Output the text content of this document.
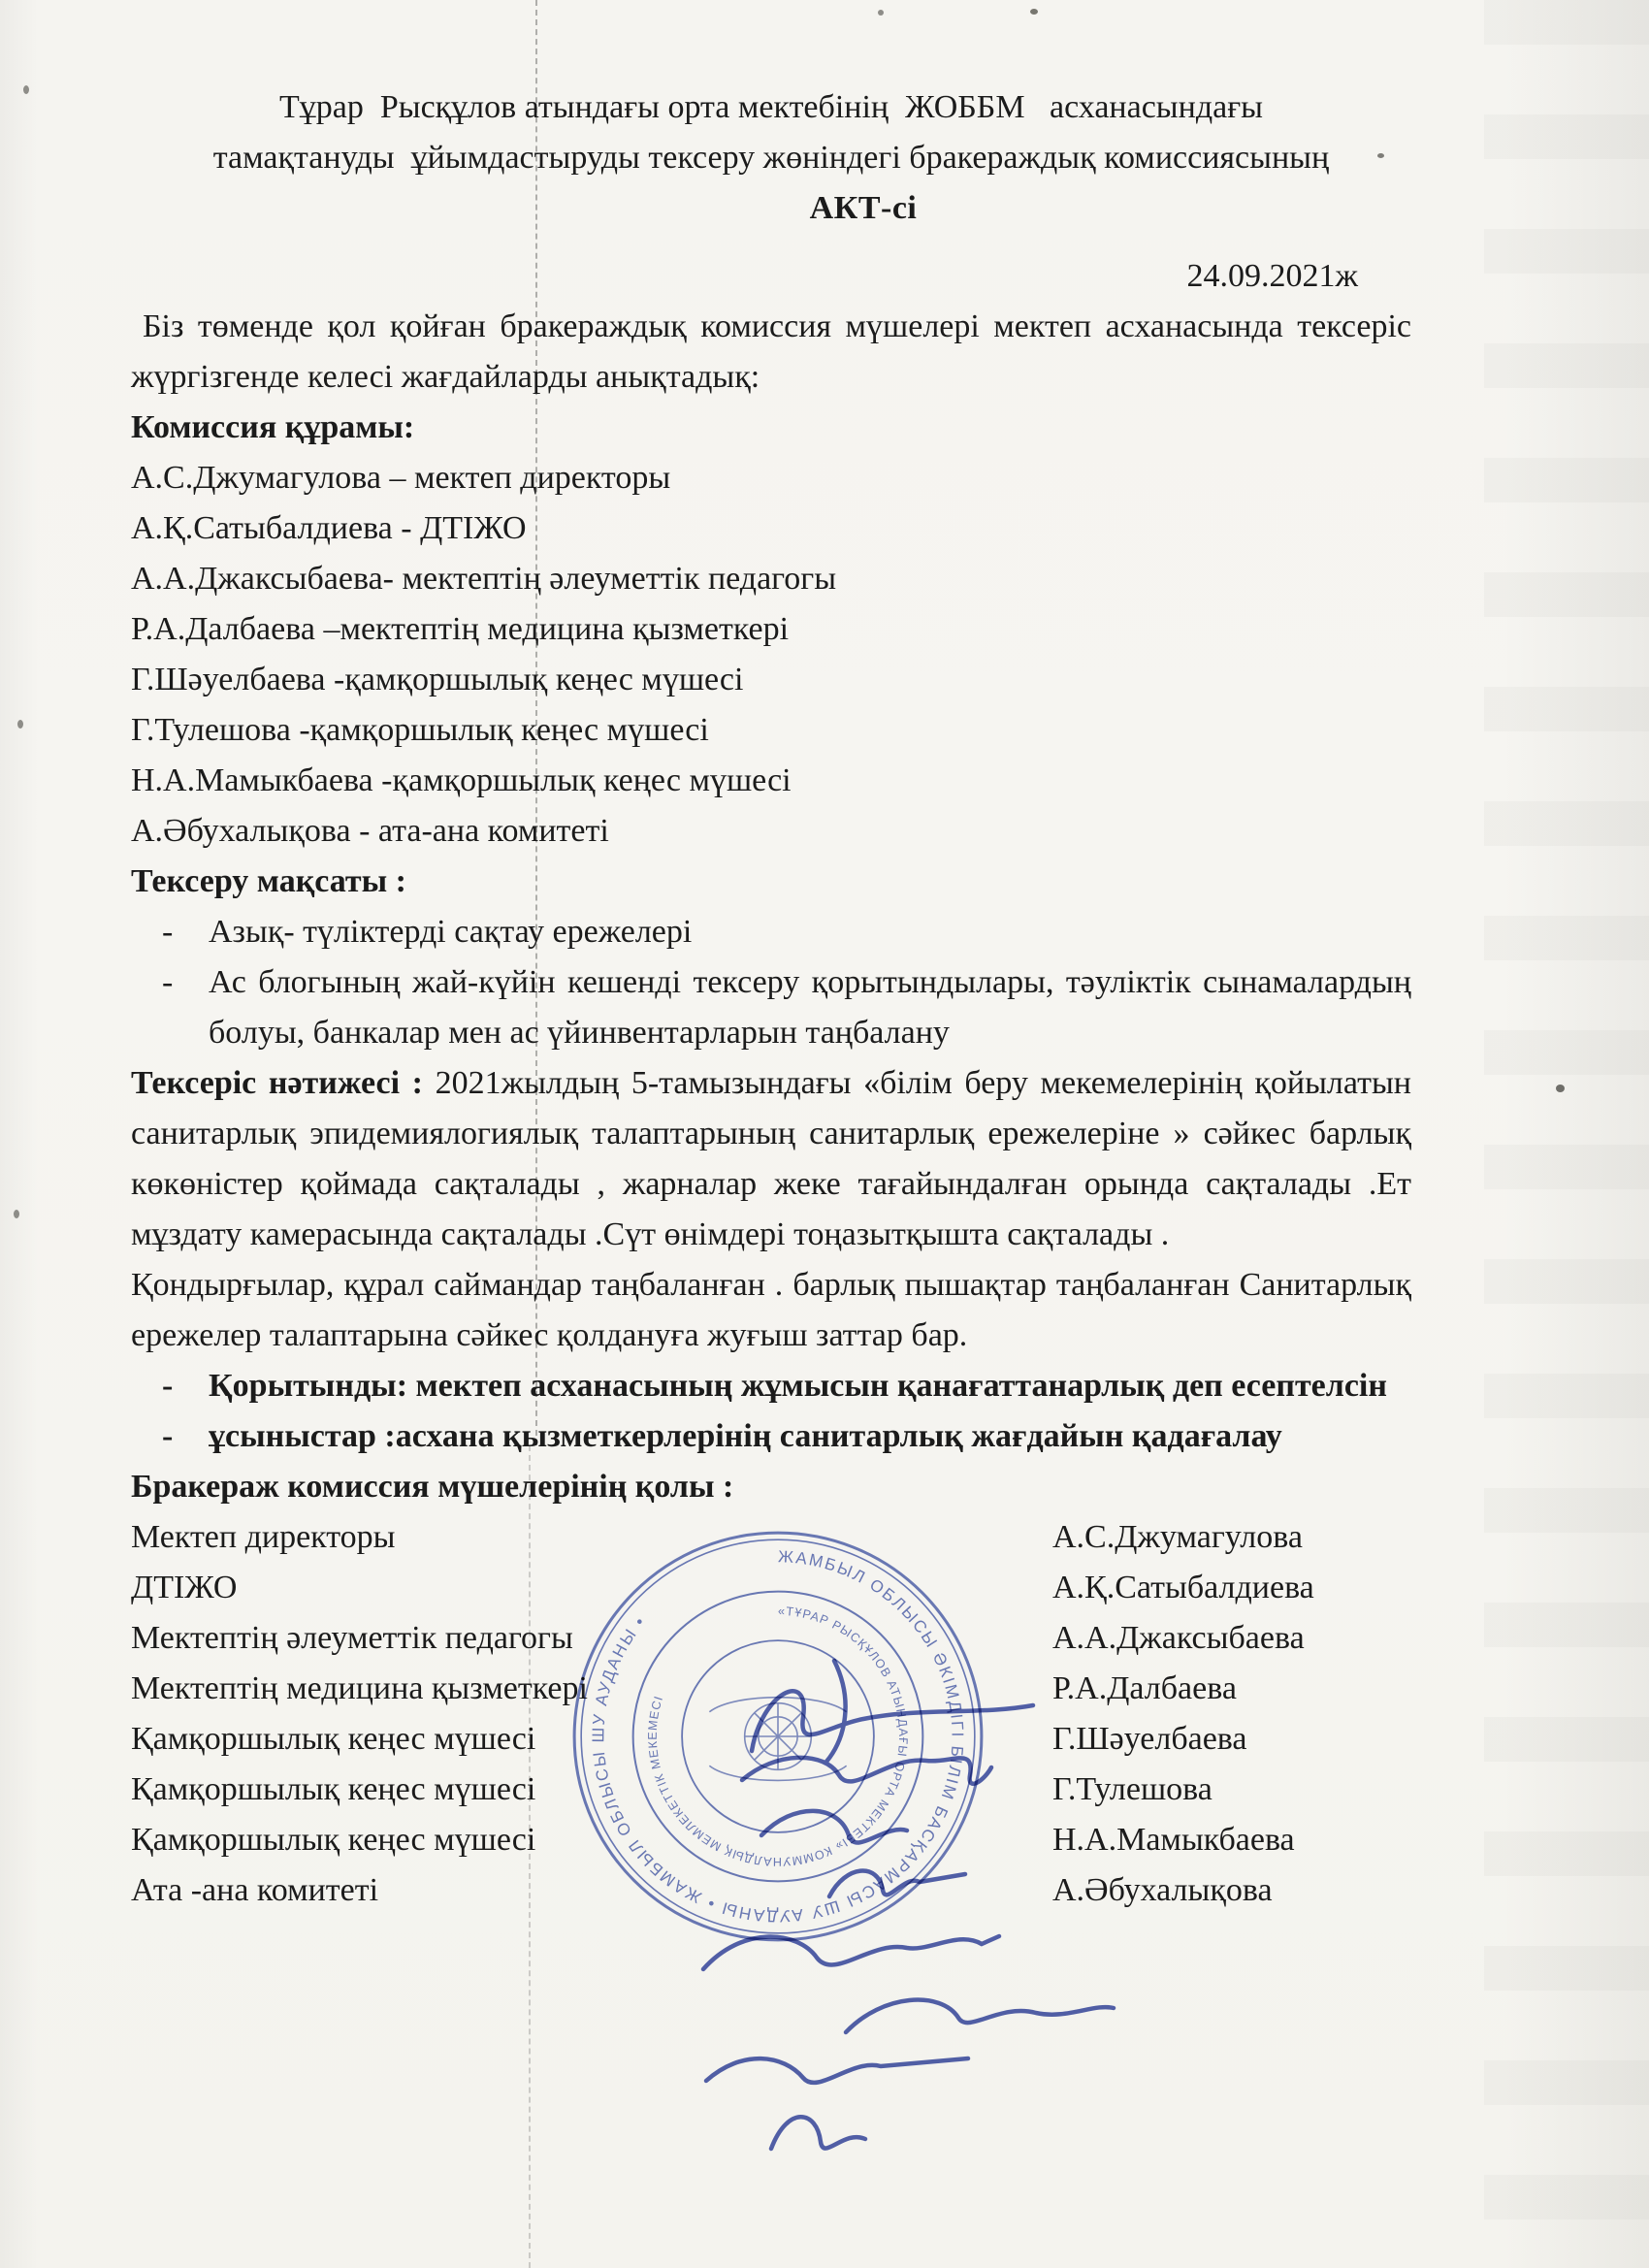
Тұрар  Рысқұлов атындағы орта мектебінің  ЖОББМ   асханасындағы
тамақтануды  ұйымдастыруды тексеру жөніндегі бракераждық комиссиясының
АКТ-сі
24.09.2021ж

Біз төменде қол қойған бракераждық комиссия мүшелері мектеп асханасында тексеріс жүргізгенде келесі жағдайларды анықтадық:

Комиссия құрамы:
А.С.Джумагулова – мектеп директоры
А.Қ.Сатыбалдиева - ДТІЖО
А.А.Джаксыбаева- мектептің әлеуметтік педагогы
Р.А.Далбаева –мектептің медицина қызметкері
Г.Шәуелбаева -қамқоршылық кеңес мүшесі
Г.Тулешова -қамқоршылық кеңес мүшесі
Н.А.Мамыкбаева -қамқоршылық кеңес мүшесі
А.Әбухалықова - ата-ана комитеті
Тексеру мақсаты :
- Азық- түліктерді сақтау ережелері
- Ас блогының жай-күйін кешенді тексеру қорытындылары, тәуліктік сынамалардың болуы, банкалар мен ас үйинвентарларын таңбалану

Тексеріс нәтижесі : 2021жылдың 5-тамызындағы «білім беру мекемелерінің қойылатын санитарлық эпидемиялогиялық талаптарының санитарлық ережелеріне » сәйкес барлық көкөністер қоймада сақталады , жарналар жеке тағайындалған орында сақталады .Ет мұздату камерасында сақталады .Сүт өнімдері тоңазытқышта сақталады .

Қондырғылар, құрал саймандар таңбаланған . барлық пышақтар таңбаланған Санитарлық ережелер талаптарына сәйкес қолдануға жуғыш заттар бар.

- Қорытынды: мектеп асханасының жұмысын қанағаттанарлық деп есептелсін
- ұсыныстар :асхана қызметкерлерінің санитарлық жағдайын қадағалау
Бракераж комиссия мүшелерінің қолы :
Мектеп директоры	А.С.Джумагулова
ДТІЖО	А.Қ.Сатыбалдиева
Мектептің әлеуметтік педагогы	А.А.Джаксыбаева
Мектептің медицина қызметкері	Р.А.Далбаева
Қамқоршылық кеңес мүшесі	Г.Шәуелбаева
Қамқоршылық кеңес мүшесі	Г.Тулешова
Қамқоршылық кеңес мүшесі	Н.А.Мамыкбаева
Ата -ана комитеті	А.Әбухалықова
ЖАМБЫЛ ОБЛЫСЫ ӘКІМДІГІ БІЛІМ БАСҚАРМАСЫ ШУ АУДАНЫ • ЖАМБЫЛ ОБЛЫСЫ ШУ АУДАНЫ •
«ТҰРАР РЫСҚҰЛОВ АТЫНДАҒЫ ОРТА МЕКТЕБІ» КОММУНАЛДЫҚ МЕМЛЕКЕТТІК МЕКЕМЕСІ
